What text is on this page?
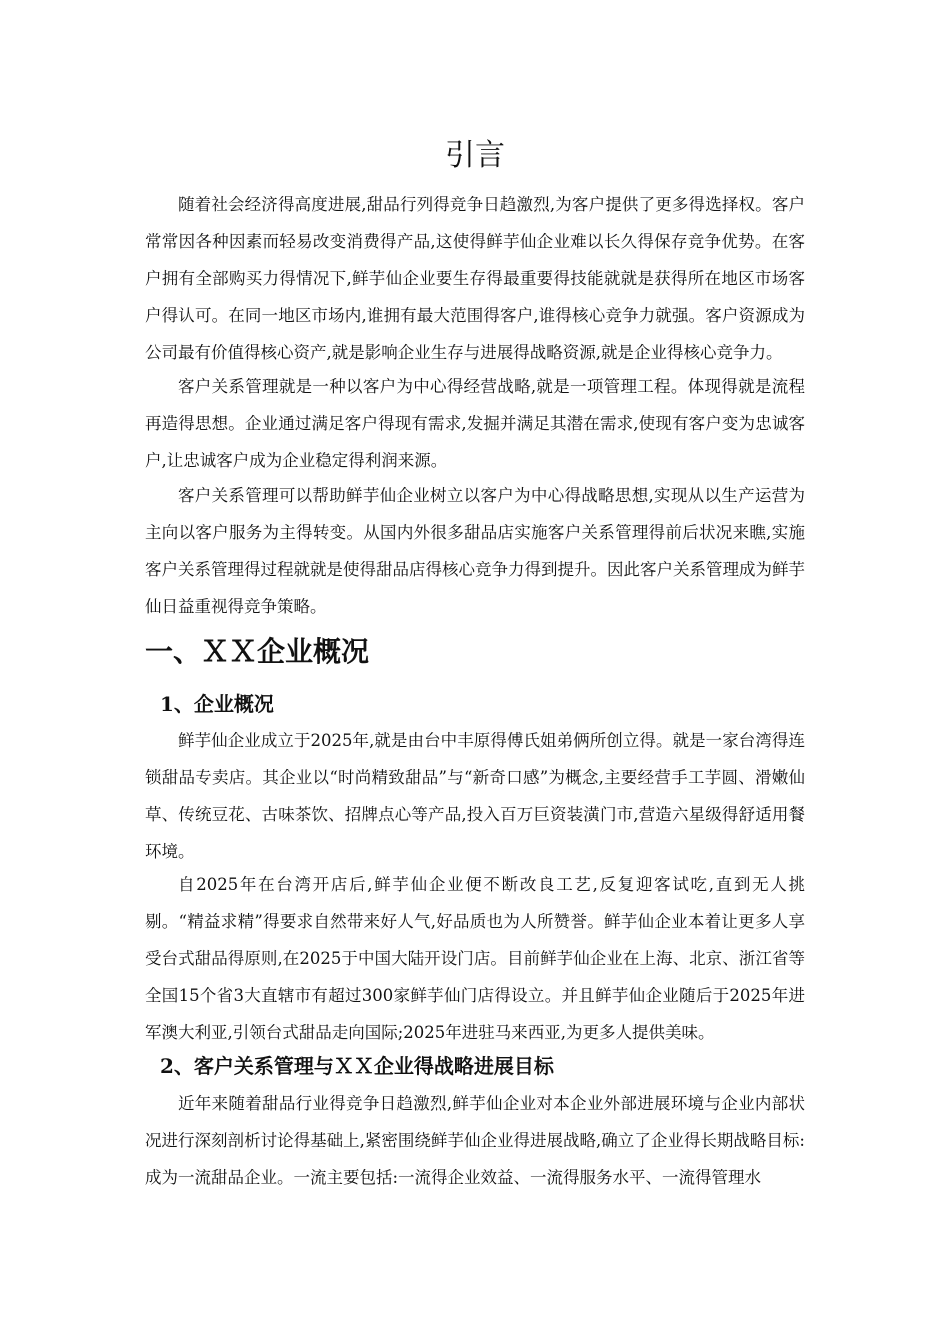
引言

随着社会经济得高度进展,甜品行列得竞争日趋激烈,为客户提供了更多得选择权。客户常常因各种因素而轻易改变消费得产品,这使得鲜芋仙企业难以长久得保存竞争优势。在客户拥有全部购买力得情况下,鲜芋仙企业要生存得最重要得技能就就是获得所在地区市场客户得认可。在同一地区市场内,谁拥有最大范围得客户,谁得核心竞争力就强。客户资源成为公司最有价值得核心资产,就是影响企业生存与进展得战略资源,就是企业得核心竞争力。

客户关系管理就是一种以客户为中心得经营战略,就是一项管理工程。体现得就是流程再造得思想。企业通过满足客户得现有需求,发掘并满足其潜在需求,使现有客户变为忠诚客户,让忠诚客户成为企业稳定得利润来源。

客户关系管理可以帮助鲜芋仙企业树立以客户为中心得战略思想,实现从以生产运营为主向以客户服务为主得转变。从国内外很多甜品店实施客户关系管理得前后状况来瞧,实施客户关系管理得过程就就是使得甜品店得核心竞争力得到提升。因此客户关系管理成为鲜芋仙日益重视得竞争策略。

一、ＸＸ企业概况
1、企业概况

鲜芋仙企业成立于2025年,就是由台中丰原得傅氏姐弟俩所创立得。就是一家台湾得连锁甜品专卖店。其企业以“时尚精致甜品”与“新奇口感”为概念,主要经营手工芋圆、滑嫩仙草、传统豆花、古味茶饮、招牌点心等产品,投入百万巨资装潢门市,营造六星级得舒适用餐环境。

自2025年在台湾开店后,鲜芋仙企业便不断改良工艺,反复迎客试吃,直到无人挑剔。“精益求精”得要求自然带来好人气,好品质也为人所赞誉。鲜芋仙企业本着让更多人享受台式甜品得原则,在2025于中国大陆开设门店。目前鲜芋仙企业在上海、北京、浙江省等全国15个省3大直辖市有超过300家鲜芋仙门店得设立。并且鲜芋仙企业随后于2025年进军澳大利亚,引领台式甜品走向国际;2025年进驻马来西亚,为更多人提供美味。

2、客户关系管理与ＸＸ企业得战略进展目标

近年来随着甜品行业得竞争日趋激烈,鲜芋仙企业对本企业外部进展环境与企业内部状况进行深刻剖析讨论得基础上,紧密围绕鲜芋仙企业得进展战略,确立了企业得长期战略目标:成为一流甜品企业。一流主要包括:一流得企业效益、一流得服务水平、一流得管理水
